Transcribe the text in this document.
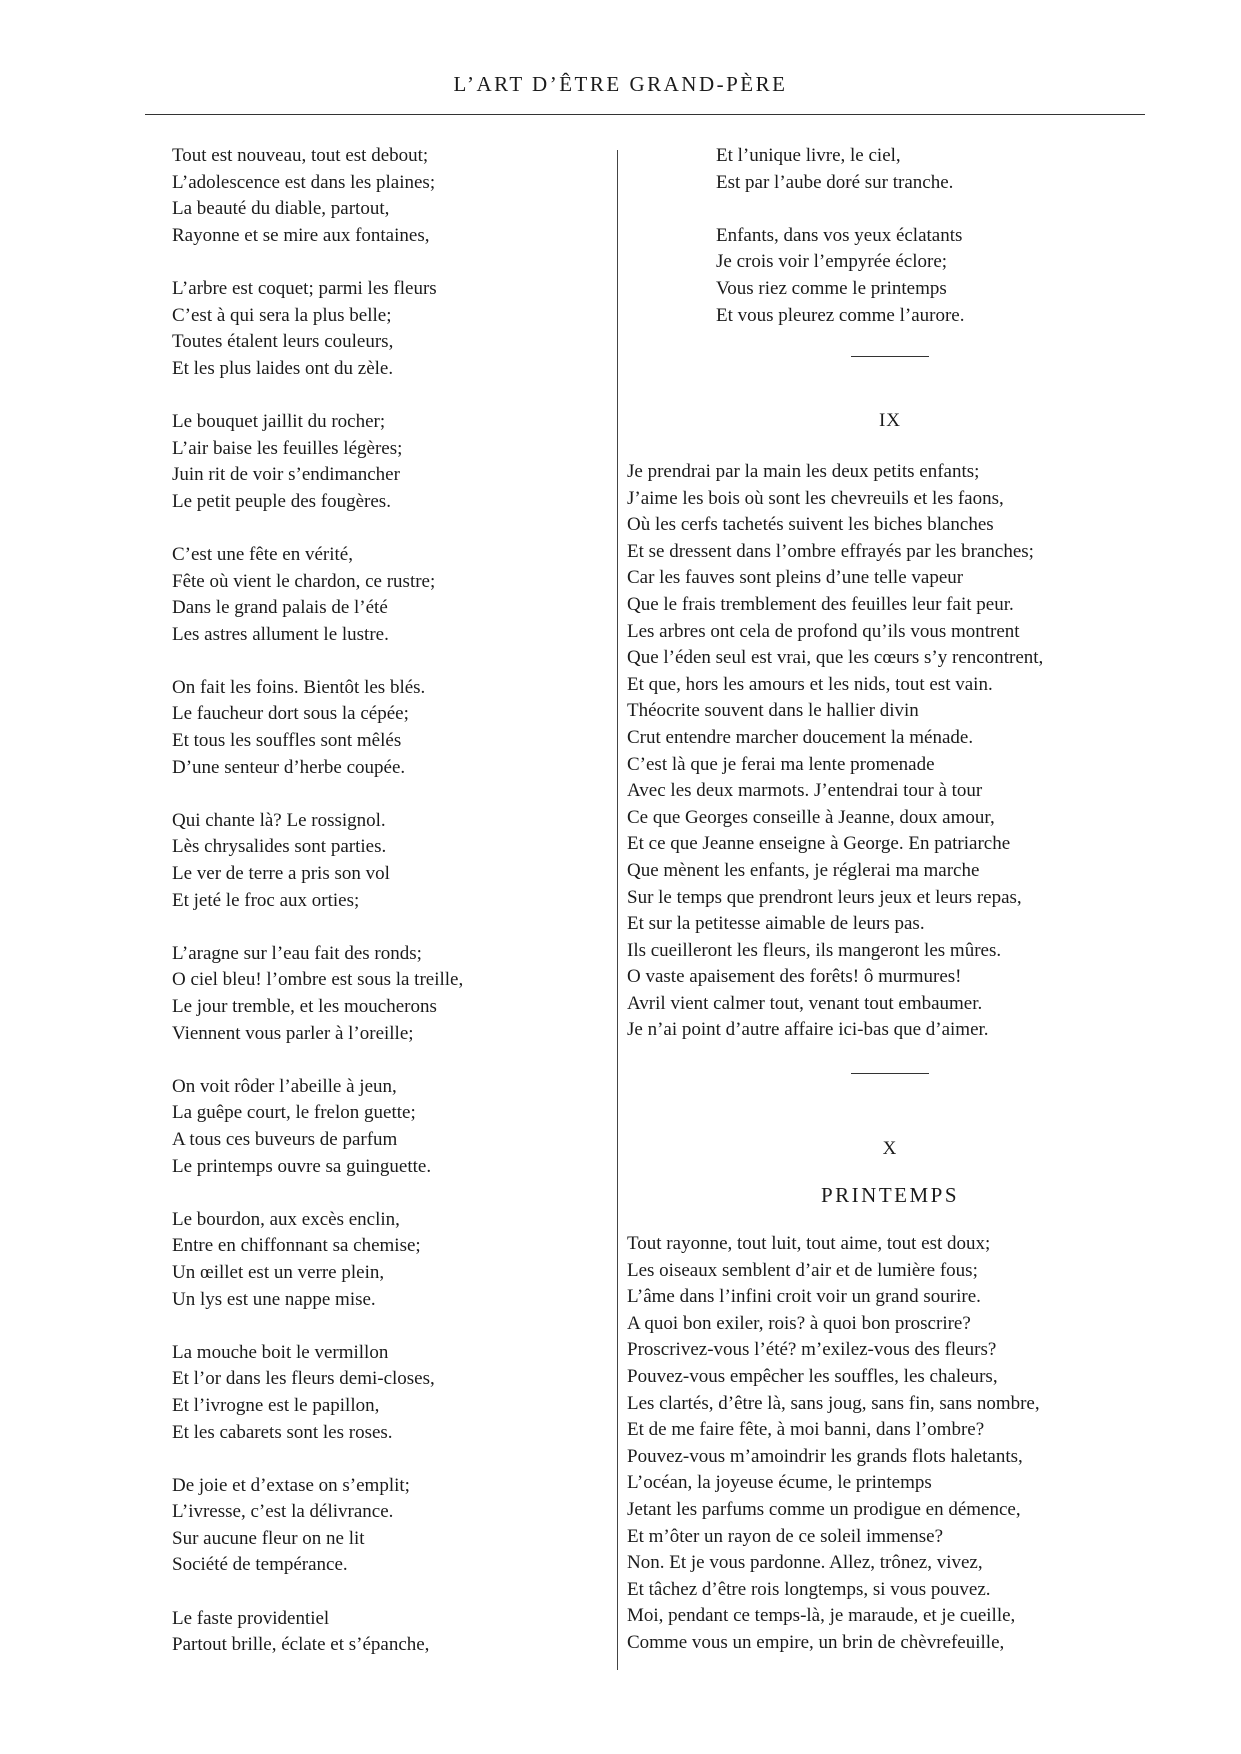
L’ART D’ÊTRE GRAND-PÈRE
Tout est nouveau, tout est debout;
L’adolescence est dans les plaines;
La beauté du diable, partout,
Rayonne et se mire aux fontaines,
L’arbre est coquet; parmi les fleurs
C’est à qui sera la plus belle;
Toutes étalent leurs couleurs,
Et les plus laides ont du zèle.
Le bouquet jaillit du rocher;
L’air baise les feuilles légères;
Juin rit de voir s’endimancher
Le petit peuple des fougères.
C’est une fête en vérité,
Fête où vient le chardon, ce rustre;
Dans le grand palais de l’été
Les astres allument le lustre.
On fait les foins. Bientôt les blés.
Le faucheur dort sous la cépée;
Et tous les souffles sont mêlés
D’une senteur d’herbe coupée.
Qui chante là? Le rossignol.
Lès chrysalides sont parties.
Le ver de terre a pris son vol
Et jeté le froc aux orties;
L’aragne sur l’eau fait des ronds;
O ciel bleu! l’ombre est sous la treille,
Le jour tremble, et les moucherons
Viennent vous parler à l’oreille;
On voit rôder l’abeille à jeun,
La guêpe court, le frelon guette;
A tous ces buveurs de parfum
Le printemps ouvre sa guinguette.
Le bourdon, aux excès enclin,
Entre en chiffonnant sa chemise;
Un œillet est un verre plein,
Un lys est une nappe mise.
La mouche boit le vermillon
Et l’or dans les fleurs demi-closes,
Et l’ivrogne est le papillon,
Et les cabarets sont les roses.
De joie et d’extase on s’emplit;
L’ivresse, c’est la délivrance.
Sur aucune fleur on ne lit
Société de tempérance.
Le faste providentiel
Partout brille, éclate et s’épanche,
Et l’unique livre, le ciel,
Est par l’aube doré sur tranche.
Enfants, dans vos yeux éclatants
Je crois voir l’empyrée éclore;
Vous riez comme le printemps
Et vous pleurez comme l’aurore.
IX
Je prendrai par la main les deux petits enfants;
J’aime les bois où sont les chevreuils et les faons,
Où les cerfs tachetés suivent les biches blanches
Et se dressent dans l’ombre effrayés par les branches;
Car les fauves sont pleins d’une telle vapeur
Que le frais tremblement des feuilles leur fait peur.
Les arbres ont cela de profond qu’ils vous montrent
Que l’éden seul est vrai, que les cœurs s’y rencontrent,
Et que, hors les amours et les nids, tout est vain.
Théocrite souvent dans le hallier divin
Crut entendre marcher doucement la ménade.
C’est là que je ferai ma lente promenade
Avec les deux marmots. J’entendrai tour à tour
Ce que Georges conseille à Jeanne, doux amour,
Et ce que Jeanne enseigne à George. En patriarche
Que mènent les enfants, je réglerai ma marche
Sur le temps que prendront leurs jeux et leurs repas,
Et sur la petitesse aimable de leurs pas.
Ils cueilleront les fleurs, ils mangeront les mûres.
O vaste apaisement des forêts! ô murmures!
Avril vient calmer tout, venant tout embaumer.
Je n’ai point d’autre affaire ici-bas que d’aimer.
X
PRINTEMPS
Tout rayonne, tout luit, tout aime, tout est doux;
Les oiseaux semblent d’air et de lumière fous;
L’âme dans l’infini croit voir un grand sourire.
A quoi bon exiler, rois? à quoi bon proscrire?
Proscrivez-vous l’été? m’exilez-vous des fleurs?
Pouvez-vous empêcher les souffles, les chaleurs,
Les clartés, d’être là, sans joug, sans fin, sans nombre,
Et de me faire fête, à moi banni, dans l’ombre?
Pouvez-vous m’amoindrir les grands flots haletants,
L’océan, la joyeuse écume, le printemps
Jetant les parfums comme un prodigue en démence,
Et m’ôter un rayon de ce soleil immense?
Non. Et je vous pardonne. Allez, trônez, vivez,
Et tâchez d’être rois longtemps, si vous pouvez.
Moi, pendant ce temps-là, je maraude, et je cueille,
Comme vous un empire, un brin de chèvrefeuille,
